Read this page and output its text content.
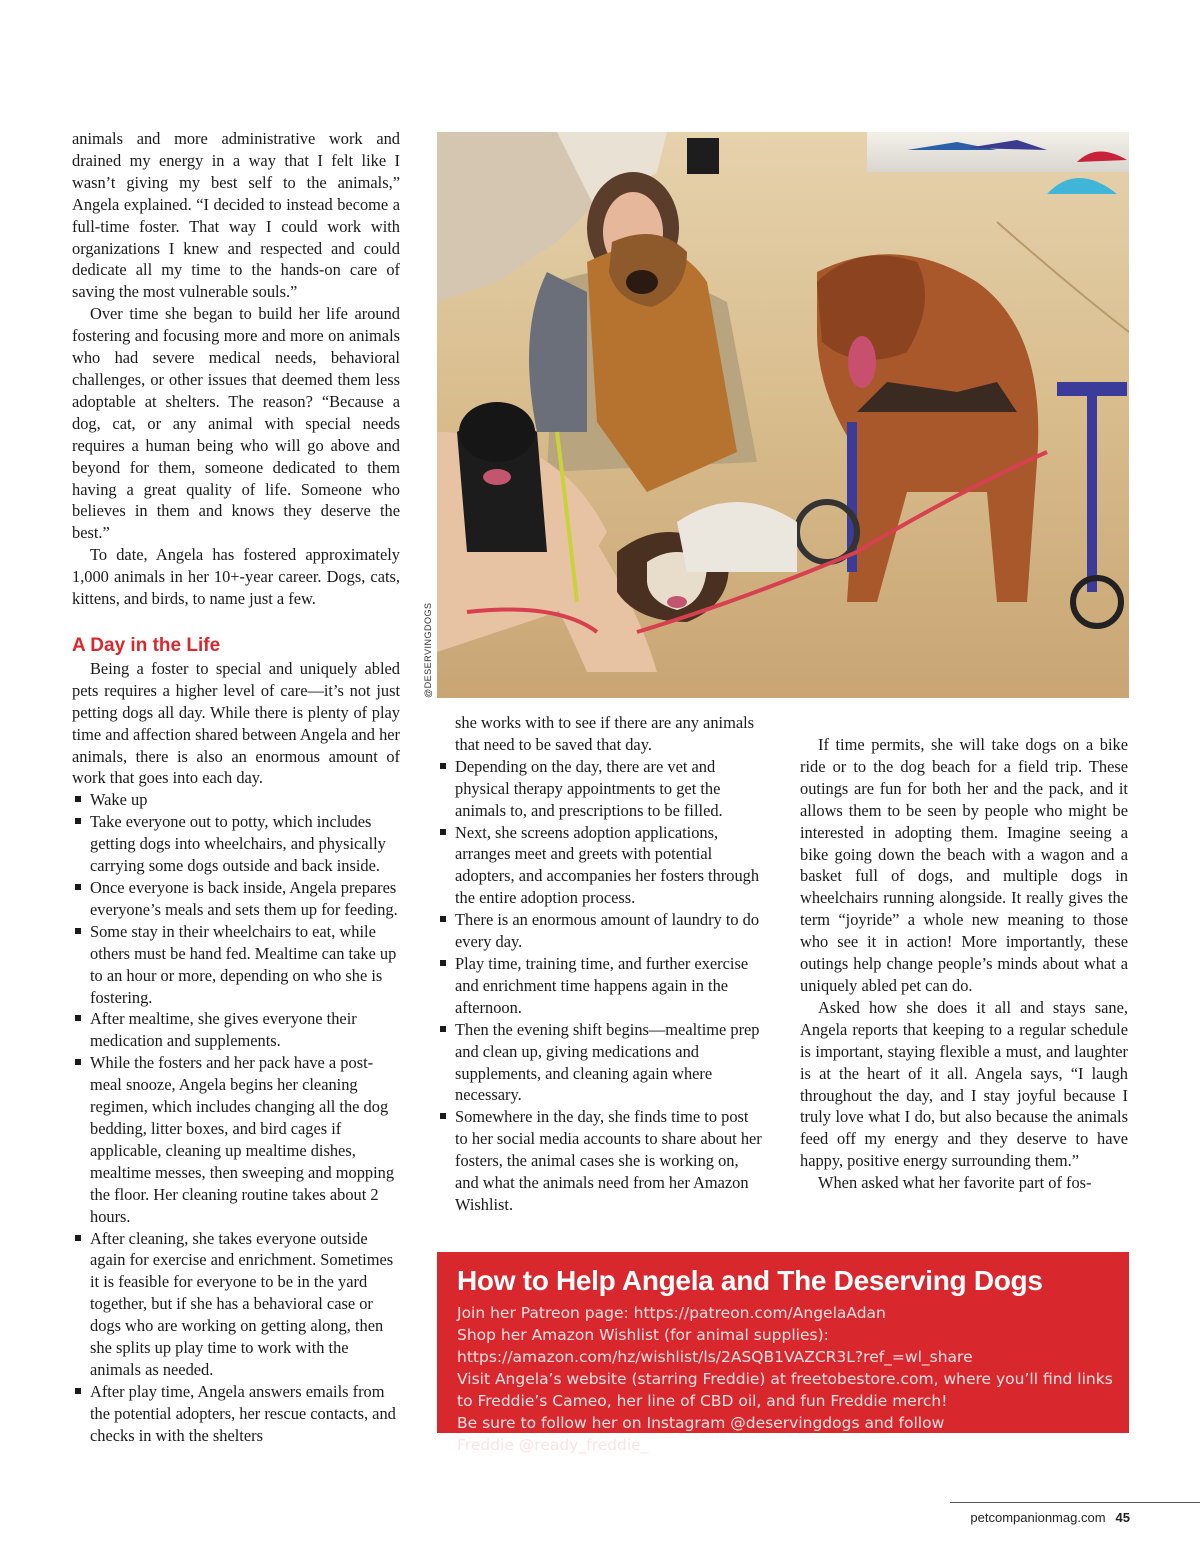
animals and more administrative work and drained my energy in a way that I felt like I wasn’t giving my best self to the animals,” Angela explained. “I decided to instead become a full-time foster. That way I could work with organizations I knew and respected and could dedicate all my time to the hands-on care of saving the most vulnerable souls.”

Over time she began to build her life around fostering and focusing more and more on animals who had severe medical needs, behavioral challenges, or other issues that deemed them less adoptable at shelters. The reason? “Because a dog, cat, or any animal with special needs requires a human being who will go above and beyond for them, someone dedicated to them having a great quality of life. Someone who believes in them and knows they deserve the best.”

To date, Angela has fostered approximately 1,000 animals in her 10+-year career. Dogs, cats, kittens, and birds, to name just a few.

A Day in the Life

Being a foster to special and uniquely abled pets requires a higher level of care—it’s not just petting dogs all day. While there is plenty of play time and affection shared between Angela and her animals, there is also an enormous amount of work that goes into each day.

Wake up
Take everyone out to potty, which includes getting dogs into wheelchairs, and physically carrying some dogs outside and back inside.
Once everyone is back inside, Angela prepares everyone’s meals and sets them up for feeding.
Some stay in their wheelchairs to eat, while others must be hand fed. Mealtime can take up to an hour or more, depending on who she is fostering.
After mealtime, she gives everyone their medication and supplements.
While the fosters and her pack have a post-meal snooze, Angela begins her cleaning regimen, which includes changing all the dog bedding, litter boxes, and bird cages if applicable, cleaning up mealtime dishes, mealtime messes, then sweeping and mopping the floor. Her cleaning routine takes about 2 hours.
After cleaning, she takes everyone outside again for exercise and enrichment. Sometimes it is feasible for everyone to be in the yard together, but if she has a behavioral case or dogs who are working on getting along, then she splits up play time to work with the animals as needed.
After play time, Angela answers emails from the potential adopters, her rescue contacts, and checks in with the shelters
@DESERVINGDOGS
she works with to see if there are any animals that need to be saved that day.
Depending on the day, there are vet and physical therapy appointments to get the animals to, and prescriptions to be filled.
Next, she screens adoption applications, arranges meet and greets with potential adopters, and accompanies her fosters through the entire adoption process.
There is an enormous amount of laundry to do every day.
Play time, training time, and further exercise and enrichment time happens again in the afternoon.
Then the evening shift begins—mealtime prep and clean up, giving medications and supplements, and cleaning again where necessary.
Somewhere in the day, she finds time to post to her social media accounts to share about her fosters, the animal cases she is working on, and what the animals need from her Amazon Wishlist.

If time permits, she will take dogs on a bike ride or to the dog beach for a field trip. These outings are fun for both her and the pack, and it allows them to be seen by people who might be interested in adopting them. Imagine seeing a bike going down the beach with a wagon and a basket full of dogs, and multiple dogs in wheelchairs running alongside. It really gives the term “joyride” a whole new meaning to those who see it in action! More importantly, these outings help change people’s minds about what a uniquely abled pet can do.

Asked how she does it all and stays sane, Angela reports that keeping to a regular schedule is important, staying flexible a must, and laughter is at the heart of it all. Angela says, “I laugh throughout the day, and I stay joyful because I truly love what I do, but also because the animals feed off my energy and they deserve to have happy, positive energy surrounding them.”

When asked what her favorite part of fos-

How to Help Angela and The Deserving Dogs
Join her Patreon page: https://patreon.com/AngelaAdan
Shop her Amazon Wishlist (for animal supplies):
https://amazon.com/hz/wishlist/ls/2ASQB1VAZCR3L?ref_=wl_share
Visit Angela’s website (starring Freddie) at freetobestore.com, where you’ll find links
to Freddie’s Cameo, her line of CBD oil, and fun Freddie merch!
Be sure to follow her on Instagram @deservingdogs and follow
Freddie @ready_freddie_
petcompanionmag.com 45
